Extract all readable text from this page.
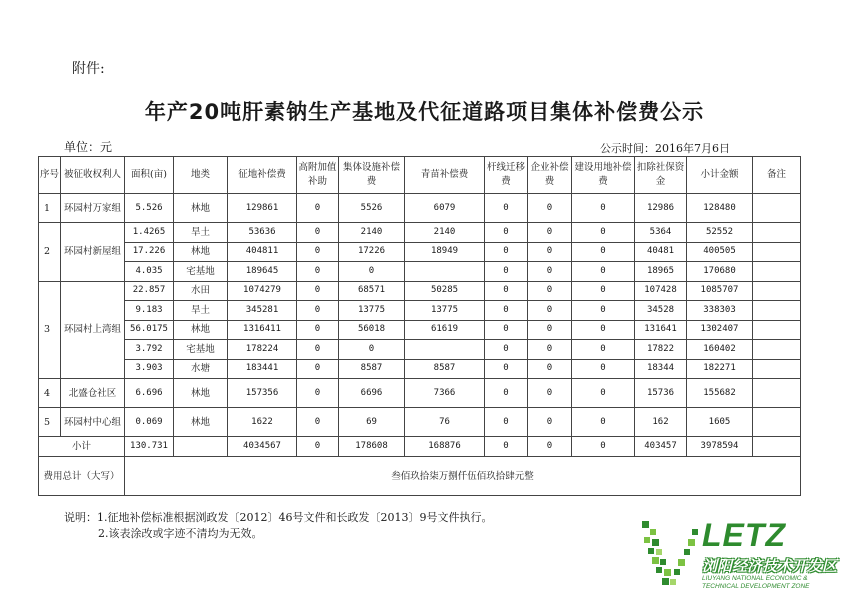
附件:
年产20吨肝素钠生产基地及代征道路项目集体补偿费公示
单位：元	公示时间：2016年7月6日
序号	被征收权利人	面积(亩)	地类	征地补偿费	高附加值补助	集体设施补偿费	青苗补偿费	杆线迁移费	企业补偿费	建设用地补偿费	扣除社保资金	小计金额	备注
1	环园村万家组	5.526	林地	129861	0	5526	6079	0	0	0	12986	128480	
2	环园村新屋组	1.4265	旱土	53636	0	2140	2140	0	0	0	5364	52552	
		17.226	林地	404811	0	17226	18949	0	0	0	40481	400505	
		4.035	宅基地	189645	0	0		0	0	0	18965	170680	
3	环园村上湾组	22.857	水田	1074279	0	68571	50285	0	0	0	107428	1085707	
		9.183	旱土	345281	0	13775	13775	0	0	0	34528	338303	
		56.0175	林地	1316411	0	56018	61619	0	0	0	131641	1302407	
		3.792	宅基地	178224	0	0		0	0	0	17822	160402	
		3.903	水塘	183441	0	8587	8587	0	0	0	18344	182271	
4	北盛仓社区	6.696	林地	157356	0	6696	7366	0	0	0	15736	155682	
5	环园村中心组	0.069	林地	1622	0	69	76	0	0	0	162	1605	
小计		130.731		4034567	0	178608	168876	0	0	0	403457	3978594	
费用总计（大写）		叁佰玖拾柒万捌仟伍佰玖拾肆元整											
说明：1.征地补偿标准根据浏政发〔2012〕46号文件和长政发〔2013〕9号文件执行。
2.该表涂改或字迹不清均为无效。	LETZ
浏阳经济技术开发区
LIUYANG NATIONAL ECONOMIC & TECHNICAL DEVELOPMENT ZONE
